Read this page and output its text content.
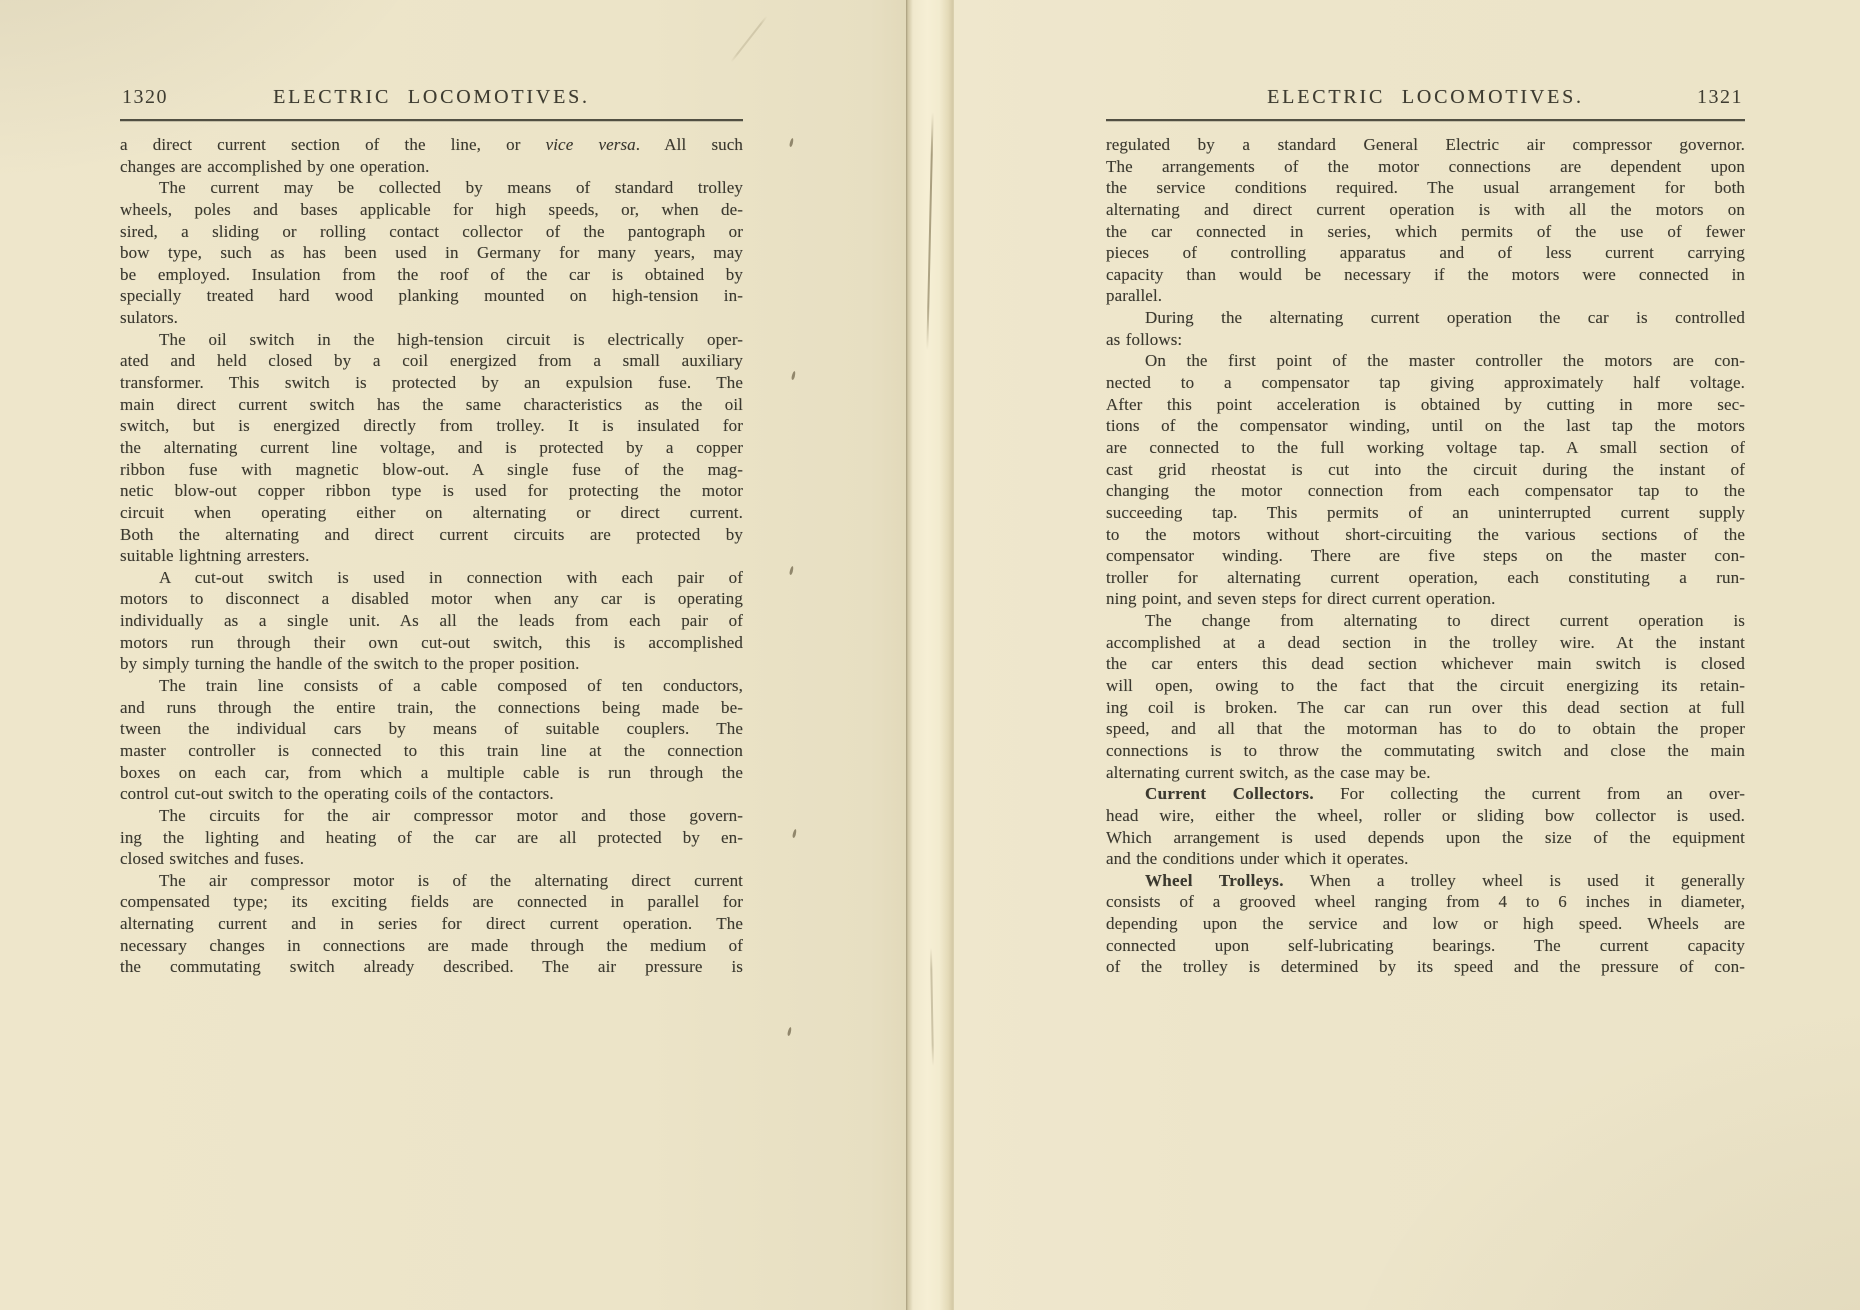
1320	ELECTRIC LOCOMOTIVES.
a direct current section of the line, or vice versa. All such
changes are accomplished by one operation.
The current may be collected by means of standard trolley
wheels, poles and bases applicable for high speeds, or, when de-
sired, a sliding or rolling contact collector of the pantograph or
bow type, such as has been used in Germany for many years, may
be employed. Insulation from the roof of the car is obtained by
specially treated hard wood planking mounted on high-tension in-
sulators.
The oil switch in the high-tension circuit is electrically oper-
ated and held closed by a coil energized from a small auxiliary
transformer. This switch is protected by an expulsion fuse. The
main direct current switch has the same characteristics as the oil
switch, but is energized directly from trolley. It is insulated for
the alternating current line voltage, and is protected by a copper
ribbon fuse with magnetic blow-out. A single fuse of the mag-
netic blow-out copper ribbon type is used for protecting the motor
circuit when operating either on alternating or direct current.
Both the alternating and direct current circuits are protected by
suitable lightning arresters.
A cut-out switch is used in connection with each pair of
motors to disconnect a disabled motor when any car is operating
individually as a single unit. As all the leads from each pair of
motors run through their own cut-out switch, this is accomplished
by simply turning the handle of the switch to the proper position.
The train line consists of a cable composed of ten conductors,
and runs through the entire train, the connections being made be-
tween the individual cars by means of suitable couplers. The
master controller is connected to this train line at the connection
boxes on each car, from which a multiple cable is run through the
control cut-out switch to the operating coils of the contactors.
The circuits for the air compressor motor and those govern-
ing the lighting and heating of the car are all protected by en-
closed switches and fuses.
The air compressor motor is of the alternating direct current
compensated type; its exciting fields are connected in parallel for
alternating current and in series for direct current operation. The
necessary changes in connections are made through the medium of
the commutating switch already described. The air pressure is
1321
ELECTRIC LOCOMOTIVES.
regulated by a standard General Electric air compressor governor.
The arrangements of the motor connections are dependent upon
the service conditions required. The usual arrangement for both
alternating and direct current operation is with all the motors on
the car connected in series, which permits of the use of fewer
pieces of controlling apparatus and of less current carrying
capacity than would be necessary if the motors were connected in
parallel.
During the alternating current operation the car is controlled
as follows:
On the first point of the master controller the motors are con-
nected to a compensator tap giving approximately half voltage.
After this point acceleration is obtained by cutting in more sec-
tions of the compensator winding, until on the last tap the motors
are connected to the full working voltage tap. A small section of
cast grid rheostat is cut into the circuit during the instant of
changing the motor connection from each compensator tap to the
succeeding tap. This permits of an uninterrupted current supply
to the motors without short-circuiting the various sections of the
compensator winding. There are five steps on the master con-
troller for alternating current operation, each constituting a run-
ning point, and seven steps for direct current operation.
The change from alternating to direct current operation is
accomplished at a dead section in the trolley wire. At the instant
the car enters this dead section whichever main switch is closed
will open, owing to the fact that the circuit energizing its retain-
ing coil is broken. The car can run over this dead section at full
speed, and all that the motorman has to do to obtain the proper
connections is to throw the commutating switch and close the main
alternating current switch, as the case may be.
Current Collectors. For collecting the current from an over-
head wire, either the wheel, roller or sliding bow collector is used.
Which arrangement is used depends upon the size of the equipment
and the conditions under which it operates.
Wheel Trolleys. When a trolley wheel is used it generally
consists of a grooved wheel ranging from 4 to 6 inches in diameter,
depending upon the service and low or high speed. Wheels are
connected upon self-lubricating bearings. The current capacity
of the trolley is determined by its speed and the pressure of con-
